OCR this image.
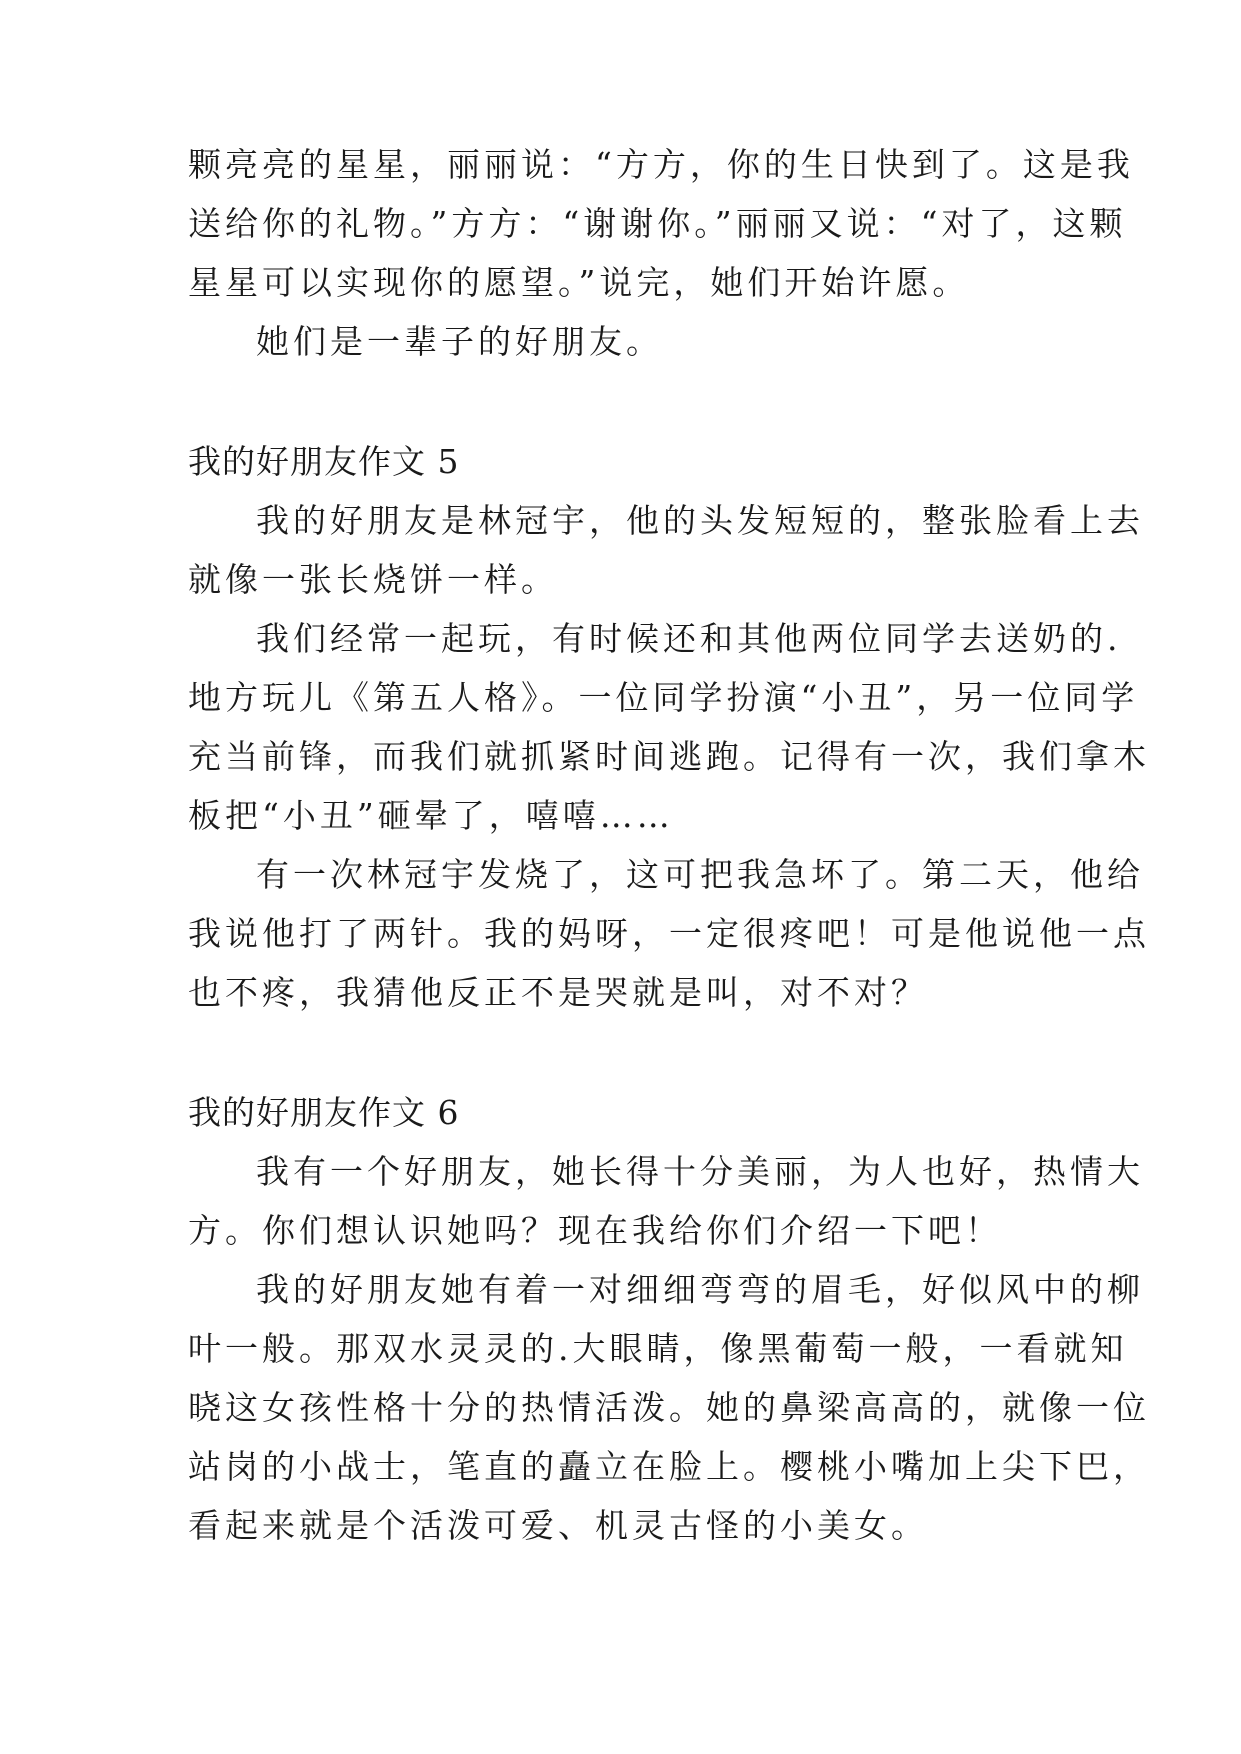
颗亮亮的星星，丽丽说：“方方，你的生日快到了。这是我

送给你的礼物。”方方：“谢谢你。”丽丽又说：“对了，这颗

星星可以实现你的愿望。”说完，她们开始许愿。

她们是一辈子的好朋友。

我的好朋友作文 5

我的好朋友是林冠宇，他的头发短短的，整张脸看上去

就像一张长烧饼一样。

我们经常一起玩，有时候还和其他两位同学去送奶的.

地方玩儿《第五人格》。一位同学扮演“小丑”，另一位同学

充当前锋，而我们就抓紧时间逃跑。记得有一次，我们拿木

板把“小丑”砸晕了，嘻嘻……

有一次林冠宇发烧了，这可把我急坏了。第二天，他给

我说他打了两针。我的妈呀，一定很疼吧！可是他说他一点

也不疼，我猜他反正不是哭就是叫，对不对？

我的好朋友作文 6

我有一个好朋友，她长得十分美丽，为人也好，热情大

方。你们想认识她吗？现在我给你们介绍一下吧！

我的好朋友她有着一对细细弯弯的眉毛，好似风中的柳

叶一般。那双水灵灵的.大眼睛，像黑葡萄一般，一看就知

晓这女孩性格十分的热情活泼。她的鼻梁高高的，就像一位

站岗的小战士，笔直的矗立在脸上。樱桃小嘴加上尖下巴，

看起来就是个活泼可爱、机灵古怪的小美女。
